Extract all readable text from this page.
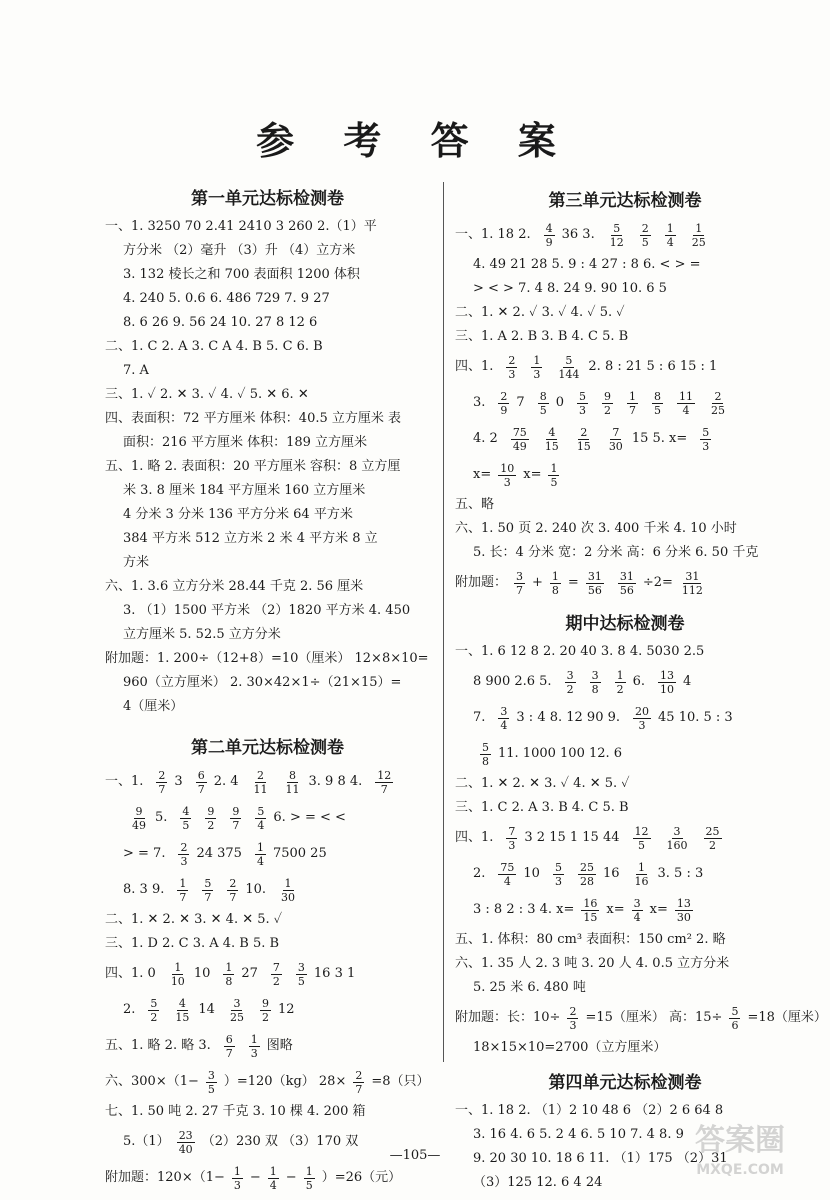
参 考 答 案
第一单元达标检测卷
一、1. 3250 70 2.41 2410 3 260 2.（1）平
方分米 （2）毫升 （3）升 （4）立方米
3. 132 棱长之和 700 表面积 1200 体积
4. 240 5. 0.6 6. 486 729 7. 9 27
8. 6 26 9. 56 24 10. 27 8 12 6
二、1. C 2. A 3. C A 4. B 5. C 6. B
7. A
三、1. ✓ 2. ✕ 3. ✓ 4. ✓ 5. ✕ 6. ✕
四、表面积：72 平方厘米 体积：40.5 立方厘米 表
面积：216 平方厘米 体积：189 立方厘米
五、1. 略 2. 表面积：20 平方厘米 容积：8 立方厘
米 3. 8 厘米 184 平方厘米 160 立方厘米
4 分米 3 分米 136 平方分米 64 平方米
384 平方米 512 立方米 2 米 4 平方米 8 立
方米
六、1. 3.6 立方分米 28.44 千克 2. 56 厘米
3. （1）1500 平方米 （2）1820 平方米 4. 450
立方厘米 5. 52.5 立方分米
附加题：1. 200÷（12+8）=10（厘米） 12×8×10=
960（立方厘米） 2. 30×42×1÷（21×15）=
4（厘米）
第二单元达标检测卷
一、1. $\frac{2}{7} 3 \frac{6}{7} 2$. $4 \frac{2}{11} \frac{8}{11} 3$. 9 8 4. $\frac{12}{7}$
$\frac{9}{49} 5$. $\frac{4}{5} \frac{9}{2} \frac{9}{7} \frac{5}{4} 6$. > = < <
> = 7. $\frac{2}{3} 24$ $375 \frac{1}{4} 7500$ 25
8. 3 9. $\frac{1}{7} \frac{5}{7} \frac{2}{7} 10$. $\frac{1}{30}$
二、1. ✕ 2. ✕ 3. ✕ 4. ✕ 5. ✓
三、1. D 2. C 3. A 4. B 5. B
四、1. $0 \frac{1}{10} 10 \frac{1}{8} 27 \frac{7}{2} \frac{3}{5} 16$ 3 1
2. $\frac{5}{2} \frac{4}{15} 14 \frac{3}{25} \frac{9}{2} 12$
五、1. 略 2. 略 3. $\frac{6}{7} \frac{1}{3}$ 图略
六、$300\times(1- \frac{3}{5} )=120(kg)$ $28\times \frac{2}{7} =8$（只）
七、1. 50 吨 2. 27 千克 3. 10 棵 4. 200 箱
$5.(1) \frac{23}{40} (2)230$ 双 （3）170 双
附加题：$120\times(1- \frac{1}{3} - \frac{1}{4} - \frac{1}{5} )=26$（元）
第三单元达标检测卷
一、1. 18 2. $\frac{4}{9} 36$ 3. $\frac{5}{12} \frac{2}{5} \frac{1}{4} \frac{1}{25}$
4. 49 21 28 5. 9 : 4 27 : 8 6. < > =
> < > 7. 4 8. 24 9. 90 10. 6 5
二、1. ✕ 2. ✓ 3. ✓ 4. ✓ 5. ✓
三、1. A 2. B 3. B 4. C 5. B
四、1. $\frac{2}{3} \frac{1}{3} \frac{5}{144} 2$. 8 : 21 5 : 6 15 : 1
3. $\frac{2}{9} 7 \frac{8}{5} 0 \frac{5}{3} \frac{9}{2} \frac{1}{7} \frac{8}{5} \frac{11}{4} \frac{2}{25}$
4. $2 \frac{75}{49} \frac{4}{15} \frac{2}{15} \frac{7}{30} 15$ 5. $x= \frac{5}{3}$
$x= \frac{10}{3} x= \frac{1}{5}$
五、略
六、1. 50 页 2. 240 次 3. 400 千米 4. 10 小时
5. 长：4 分米 宽：2 分米 高：6 分米 6. 50 千克
附加题： $\frac{3}{7} + \frac{1}{8} = \frac{31}{56} \frac{31}{56} \div 2= \frac{31}{112}$
期中达标检测卷
一、1. 6 12 8 2. 20 40 3. 8 4. 5030 2.5
8 900 2.6 5. $\frac{3}{2} \frac{3}{8} \frac{1}{2} 6$. $\frac{13}{10} 4$
7. $\frac{3}{4} 3$ : 4 8. 12 90 9. $\frac{20}{3} 45$ 10. 5 : 3
$\frac{5}{8} 11$. 1000 100 12. 6
二、1. ✕ 2. ✕ 3. ✓ 4. ✕ 5. ✓
三、1. C 2. A 3. B 4. C 5. B
四、1. $\frac{7}{3} 3$ 2 15 1 15 $44 \frac{12}{5} \frac{3}{160} \frac{25}{2}$
2. $\frac{75}{4} 10 \frac{5}{3} \frac{25}{28} 16 \frac{1}{16} 3$. 5 : 3
3 : 8 2 : 3 4. $x= \frac{16}{15} x= \frac{3}{4} x= \frac{13}{30}$
五、1. 体积：80 cm³ 表面积：150 cm² 2. 略
六、1. 35 人 2. 3 吨 3. 20 人 4. 0.5 立方分米
5. 25 米 6. 480 吨
附加题：长：$10\div \frac{2}{3} =15$（厘米） 高：$15\div \frac{5}{6} =18$（厘米）
18×15×10=2700（立方厘米）
第四单元达标检测卷
一、1. 18 2. （1）2 10 48 6 （2）2 6 64 8
3. 16 4. 6 5. 2 4 6. 5 10 7. 4 8. 9
9. 20 30 10. 18 6 11. （1）175 （2）31
（3）125 12. 6 4 24
—105—	答案圈
MXQE.COM
